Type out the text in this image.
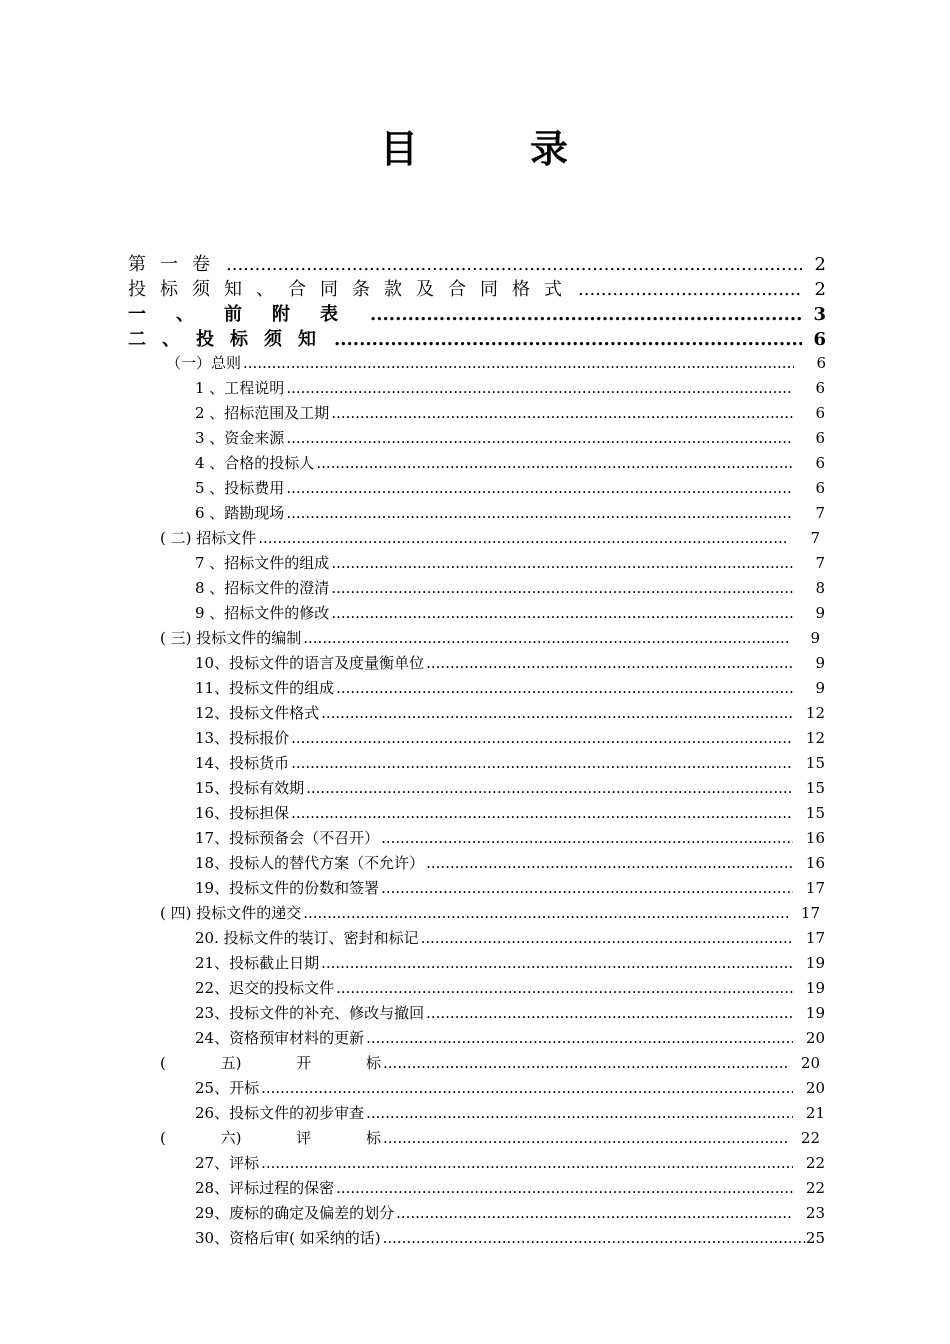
目	录
第一卷 .....	2
投标须知、合同条款及合同格式 .....	2
一、前附表 .....	3
二、投标须知 .....	6
（一）总则 .....	6
1 、工程说明 .....	6
2 、招标范围及工期 .....	6
3 、资金来源 .....	6
4 、合格的投标人 .....	6
5 、投标费用 .....	6
6 、踏勘现场 .....	7
( 二) 招标文件 .....	7
7 、招标文件的组成 .....	7
8 、招标文件的澄清 .....	8
9 、招标文件的修改 .....	9
( 三) 投标文件的编制 .....	9
10、投标文件的语言及度量衡单位 .....	9
11、投标文件的组成 .....	9
12、投标文件格式 .....	12
13、投标报价 .....	12
14、投标货币 .....	15
15、投标有效期 .....	15
16、投标担保 .....	15
17、投标预备会（不召开） .....	16
18、投标人的替代方案（不允许） .....	16
19、投标文件的份数和签署 .....	17
( 四) 投标文件的递交 .....	17
20. 投标文件的装订、密封和标记 .....	17
21、投标截止日期 .....	19
22、迟交的投标文件 .....	19
23、投标文件的补充、修改与撤回 .....	19
24、资格预审材料的更新 .....	20
( 五) 开 标 .....	20
25、开标 .....	20
26、投标文件的初步审查 .....	21
( 六) 评 标 .....	22
27、评标 .....	22
28、评标过程的保密 .....	22
29、废标的确定及偏差的划分 .....	23
30、资格后审( 如采纳的话) .....	25
